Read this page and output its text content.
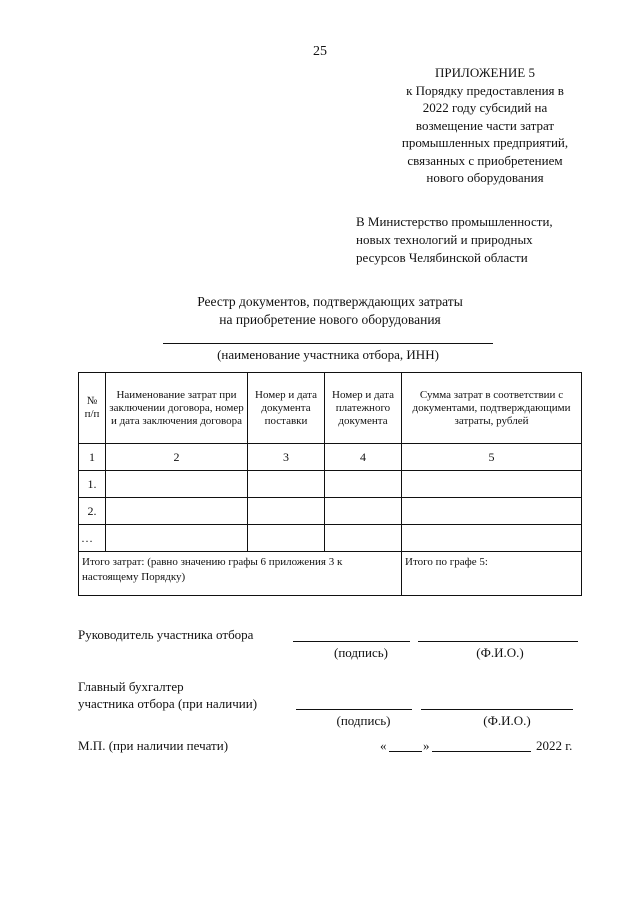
25
ПРИЛОЖЕНИЕ 5
к Порядку предоставления в
2022 году субсидий на
возмещение части затрат
промышленных предприятий,
связанных с приобретением
нового оборудования
В Министерство промышленности,
новых технологий и природных
ресурсов Челябинской области
Реестр документов, подтверждающих затраты
на приобретение нового оборудования
(наименование участника отбора, ИНН)
№ п/п	Наименование затрат при заключении договора, номер и дата заключения договора	Номер и дата документа поставки	Номер и дата платежного документа	Сумма затрат в соответствии с документами, подтверждающими затраты, рублей
1	2	3	4	5
1.				
2.				
…				
Итого затрат: (равно значению графы 6 приложения 3 к настоящему Порядку)				Итого по графе 5:
Руководитель участника отбора
(подпись)	(Ф.И.О.)
Главный бухгалтер
участника отбора (при наличии)
(подпись)	(Ф.И.О.)
М.П. (при наличии печати)	«	»	2022 г.
